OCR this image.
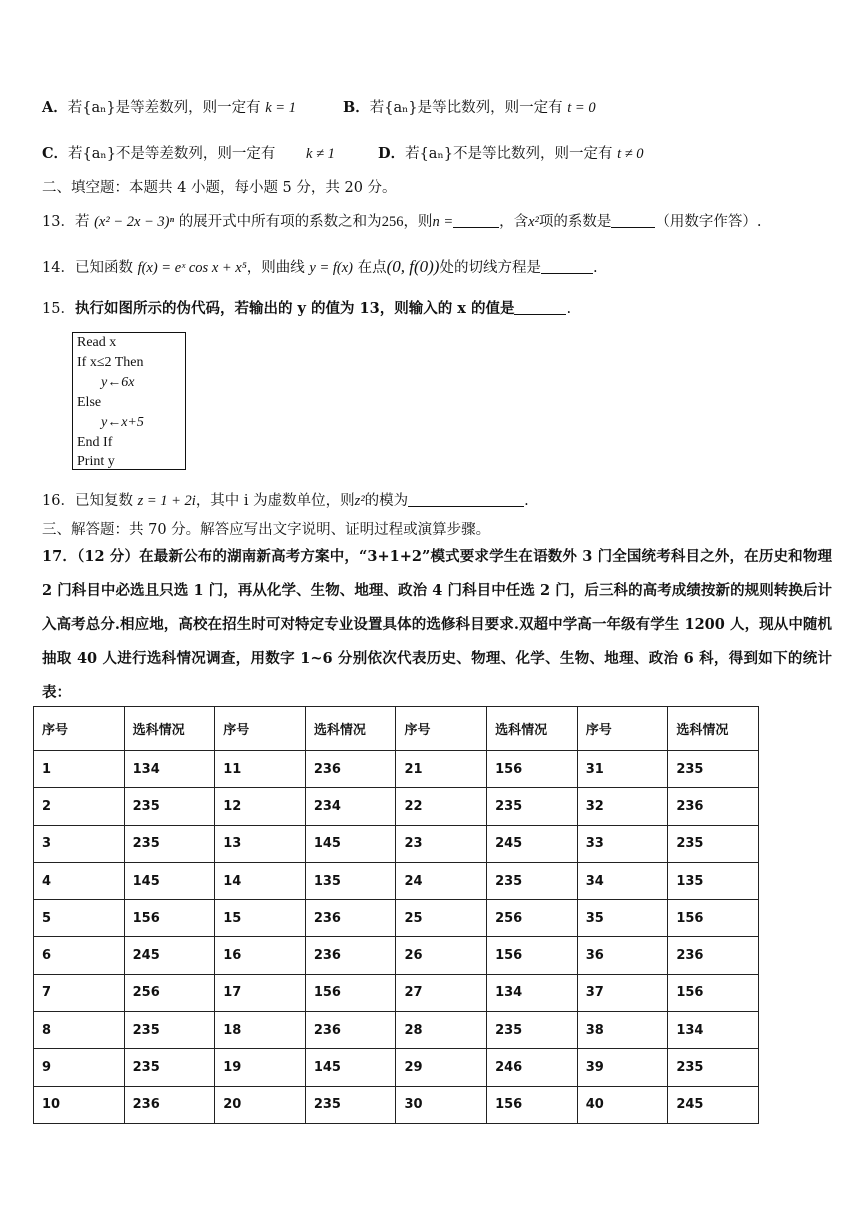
A．若{aₙ}是等差数列，则一定有 k = 1	B．若{aₙ}是等比数列，则一定有 t = 0
C．若{aₙ}不是等差数列，则一定有 k ≠ 1	D．若{aₙ}不是等比数列，则一定有 t ≠ 0
二、填空题：本题共 4 小题，每小题 5 分，共 20 分。
13．若 (x² − 2x − 3)ⁿ 的展开式中所有项的系数之和为256，则n =	，含x²项的系数是	（用数字作答）.
14．已知函数 f(x) = eˣ cos x + x⁵，则曲线 y = f(x) 在点(0, f(0))处的切线方程是	.
15．执行如图所示的伪代码，若输出的 y 的值为 13，则输入的 x 的值是	.
Read x
If x≤2 Then
y←6x
Else
y←x+5
End If
Print y
16．已知复数 z = 1 + 2i，其中 i 为虚数单位，则z²的模为	.
三、解答题：共 70 分。解答应写出文字说明、证明过程或演算步骤。
17．（12 分）在最新公布的湖南新高考方案中，“3+1+2”模式要求学生在语数外 3 门全国统考科目之外，在历史和物理 2 门科目中必选且只选 1 门，再从化学、生物、地理、政治 4 门科目中任选 2 门，后三科的高考成绩按新的规则转换后计入高考总分.相应地，高校在招生时可对特定专业设置具体的选修科目要求.双超中学高一年级有学生 1200 人，现从中随机抽取 40 人进行选科情况调查，用数字 1~6 分别依次代表历史、物理、化学、生物、地理、政治 6 科，得到如下的统计表：
序号	选科情况	序号	选科情况	序号	选科情况	序号	选科情况
1	134	11	236	21	156	31	235
2	235	12	234	22	235	32	236
3	235	13	145	23	245	33	235
4	145	14	135	24	235	34	135
5	156	15	236	25	256	35	156
6	245	16	236	26	156	36	236
7	256	17	156	27	134	37	156
8	235	18	236	28	235	38	134
9	235	19	145	29	246	39	235
10	236	20	235	30	156	40	245
